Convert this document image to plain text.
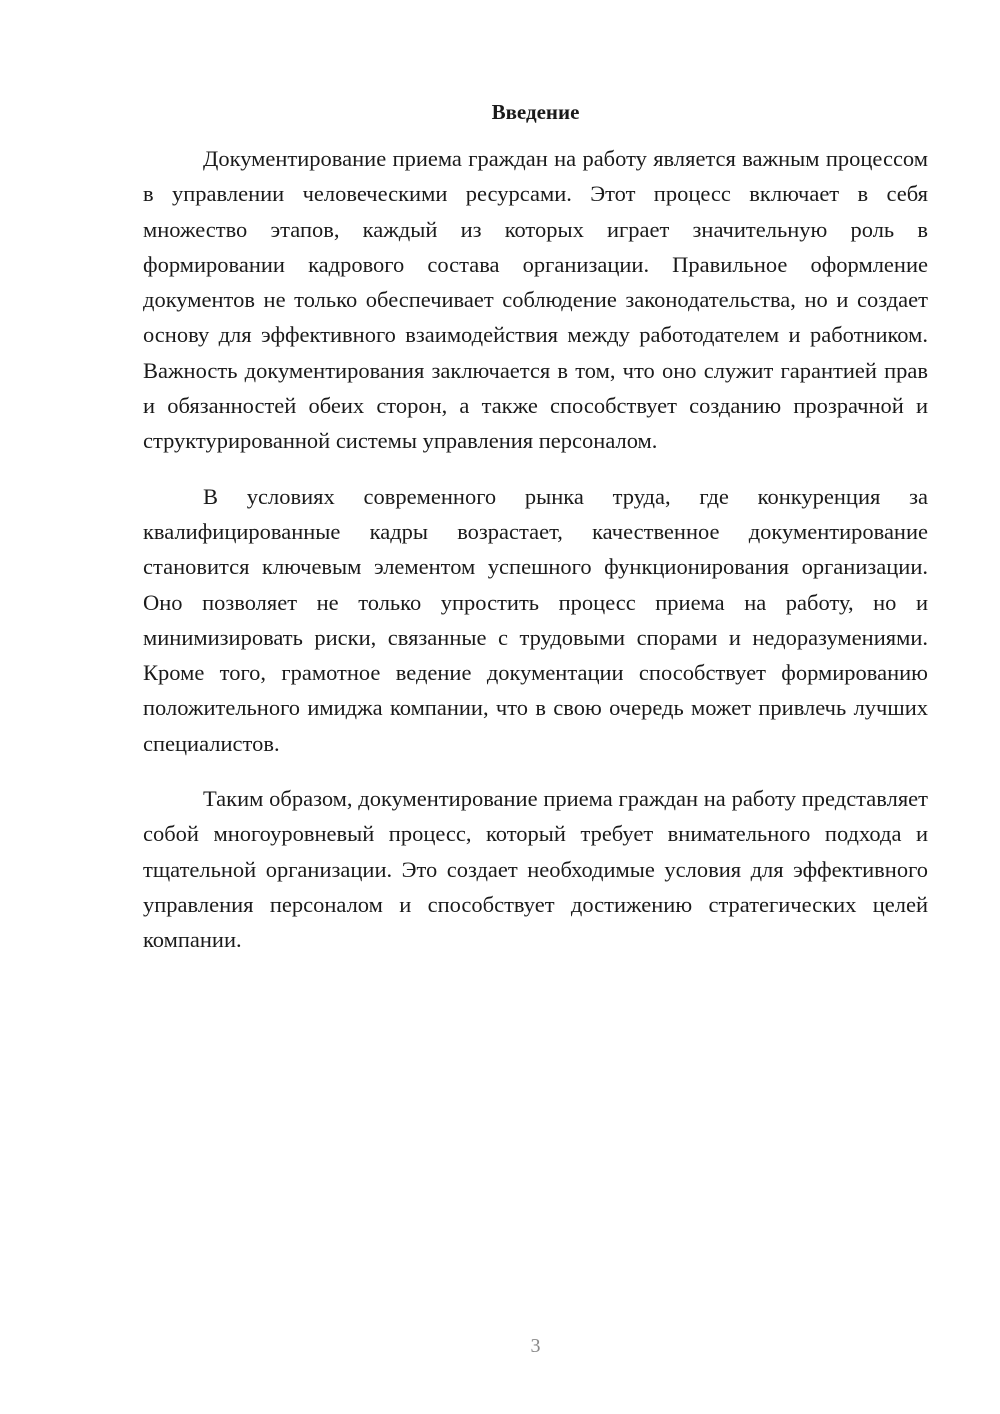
Введение

Документирование приема граждан на работу является важным процессом в управлении человеческими ресурсами. Этот процесс включает в себя множество этапов, каждый из которых играет значительную роль в формировании кадрового состава организации. Правильное оформление документов не только обеспечивает соблюдение законодательства, но и создает основу для эффективного взаимодействия между работодателем и работником. Важность документирования заключается в том, что оно служит гарантией прав и обязанностей обеих сторон, а также способствует созданию прозрачной и структурированной системы управления персоналом.

В условиях современного рынка труда, где конкуренция за квалифицированные кадры возрастает, качественное документирование становится ключевым элементом успешного функционирования организации. Оно позволяет не только упростить процесс приема на работу, но и минимизировать риски, связанные с трудовыми спорами и недоразумениями. Кроме того, грамотное ведение документации способствует формированию положительного имиджа компании, что в свою очередь может привлечь лучших специалистов.

Таким образом, документирование приема граждан на работу представляет собой многоуровневый процесс, который требует внимательного подхода и тщательной организации. Это создает необходимые условия для эффективного управления персоналом и способствует достижению стратегических целей компании.

3
